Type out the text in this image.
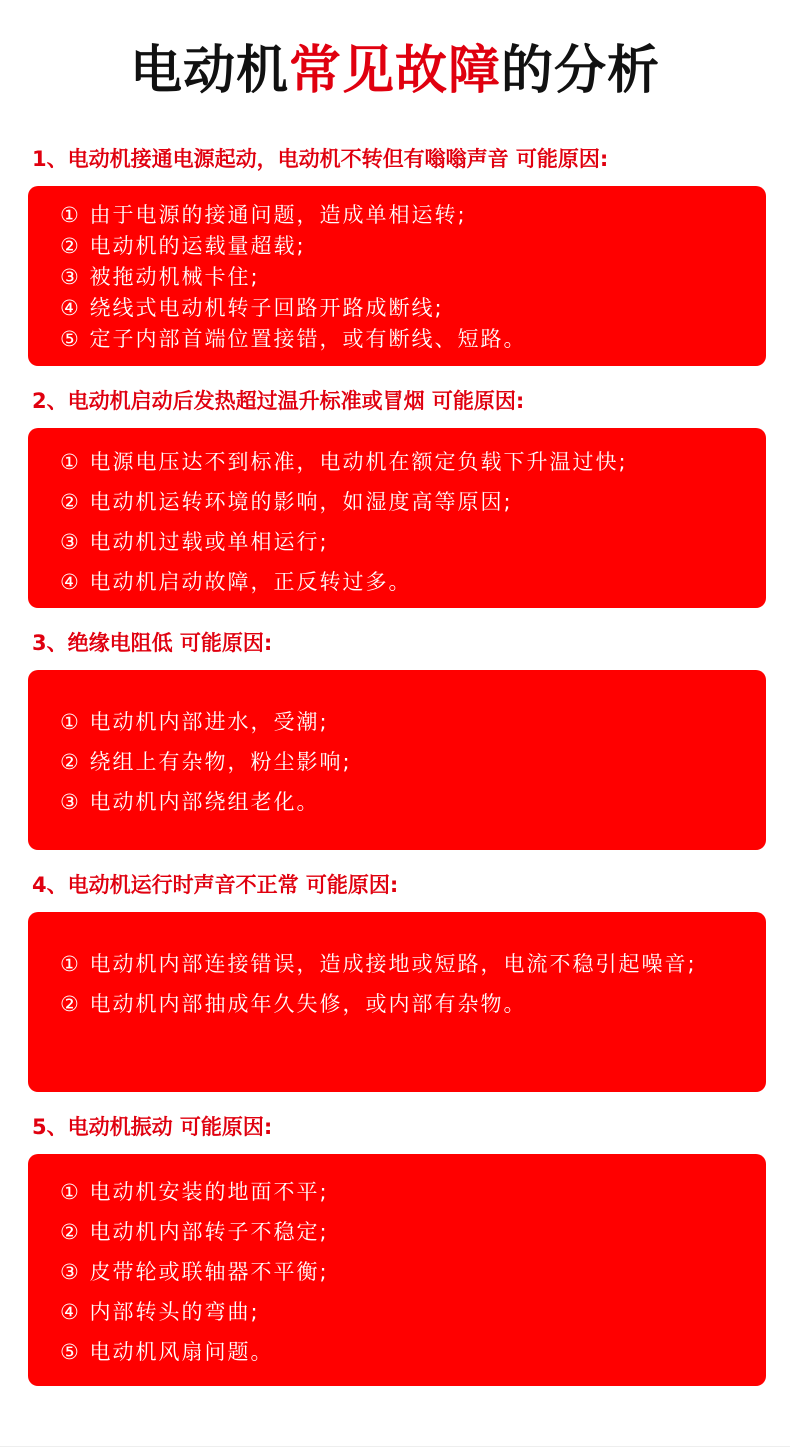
电动机常见故障的分析
1、电动机接通电源起动，电动机不转但有嗡嗡声音 可能原因:
① 由于电源的接通问题，造成单相运转;
② 电动机的运载量超载;
③ 被拖动机械卡住;
④ 绕线式电动机转子回路开路成断线;
⑤ 定子内部首端位置接错，或有断线、短路。
2、电动机启动后发热超过温升标准或冒烟 可能原因:
① 电源电压达不到标准，电动机在额定负载下升温过快;
② 电动机运转环境的影响，如湿度高等原因;
③ 电动机过载或单相运行;
④ 电动机启动故障，正反转过多。
3、绝缘电阻低 可能原因:
① 电动机内部进水，受潮;
② 绕组上有杂物，粉尘影响;
③ 电动机内部绕组老化。
4、电动机运行时声音不正常 可能原因:
① 电动机内部连接错误，造成接地或短路，电流不稳引起噪音;
② 电动机内部抽成年久失修，或内部有杂物。
5、电动机振动 可能原因:
① 电动机安装的地面不平;
② 电动机内部转子不稳定;
③ 皮带轮或联轴器不平衡;
④ 内部转头的弯曲;
⑤ 电动机风扇问题。
